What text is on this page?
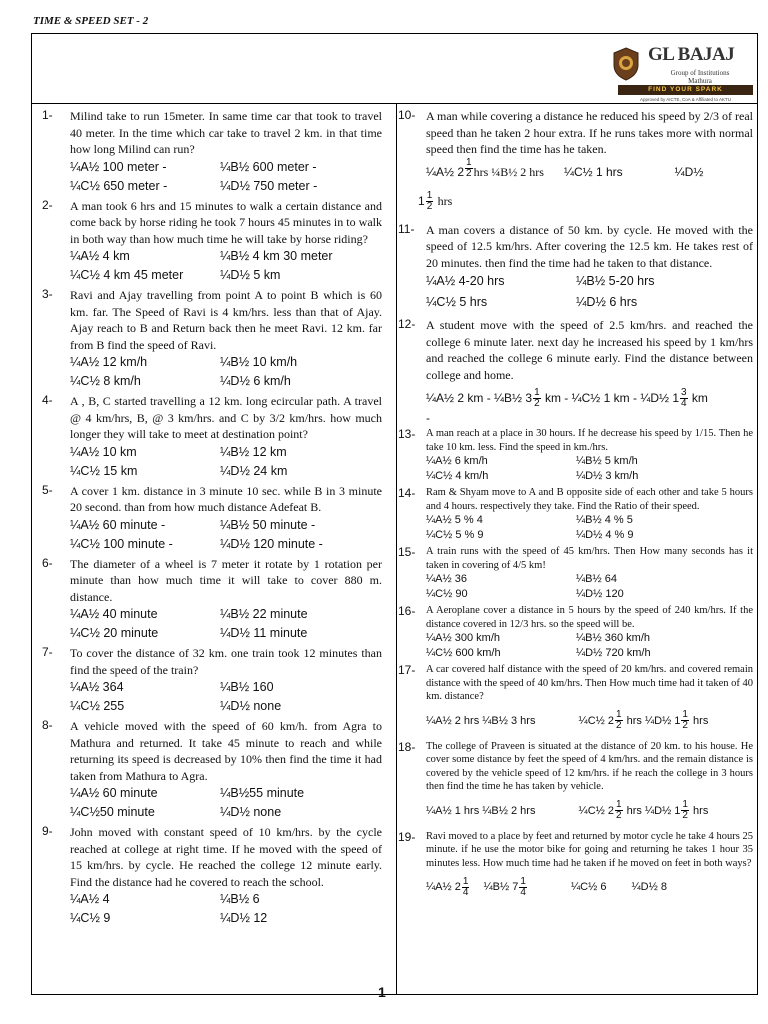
TIME & SPEED SET - 2
GL BAJAJ
Group of Institutions
Mathura
FIND YOUR SPARK
Approved by AICTE, CoA & Affiliated to AKTU
1- Milind take to run 15meter. In same time car that took to travel 40 meter. In the time which car take to travel 2 km. in that time how long Milind can run?
¼A½ 100 meter -	¼B½ 600 meter -
¼C½ 650 meter -	¼D½ 750 meter -
2- A man took 6 hrs and 15 minutes to walk a certain distance and come back by horse riding he took 7 hours 45 minutes in to walk in both way than how much time he will take by horse riding?
¼A½ 4 km	¼B½ 4 km 30 meter
¼C½ 4 km 45 meter	¼D½ 5 km
3- Ravi and Ajay travelling from point A to point B which is 60 km. far. The Speed of Ravi is 4 km/hrs. less than that of Ajay. Ajay reach to B and Return back then he meet Ravi. 12 km. far from B find the speed of Ravi.
¼A½ 12 km/h	¼B½ 10 km/h
¼C½ 8 km/h	¼D½ 6 km/h
4- A , B, C started travelling a 12 km. long ecircular path. A travel @ 4 km/hrs, B, @ 3 km/hrs. and C by 3/2 km/hrs. how much longer they will take to meet at destination point?
¼A½ 10 km	¼B½ 12 km
¼C½ 15 km	¼D½ 24 km
5- A cover 1 km. distance in 3 minute 10 sec. while B in 3 minute 20 second. than from how much distance Adefeat B.
¼A½ 60 minute -	¼B½ 50 minute -
¼C½ 100 minute -	¼D½ 120 minute -
6- The diameter of a wheel is 7 meter it rotate by 1 rotation per minute than how much time it will take to cover 880 m. distance.
¼A½ 40 minute	¼B½ 22 minute
¼C½ 20 minute	¼D½ 11 minute
7- To cover the distance of 32 km. one train took 12 minutes than find the speed of the train?
¼A½ 364	¼B½ 160
¼C½ 255	¼D½ none
8- A vehicle moved with the speed of 60 km/h. from Agra to Mathura and returned. It take 45 minute to reach and while returning its speed is decreased by 10% then find the time it had taken from Mathura to Agra.
¼A½ 60 minute	¼B½55 minute
¼C½50 minute	¼D½ none
9- John moved with constant speed of 10 km/hrs. by the cycle reached at college at right time. If he moved with the speed of 15 km/hrs. by cycle. He reached the college 12 minute early. Find the distance had he covered to reach the school.
¼A½ 4	¼B½ 6
¼C½ 9	¼D½ 12
10- A man while covering a distance he reduced his speed by 2/3 of real speed than he taken 2 hour extra. If he runs takes more with normal speed then find the time has he taken.
¼A½ $2 \frac{1}{2}$ hrs ¼B½ 2 hrs ¼C½ 1 hrs	¼D½
$1 \frac{1}{2}$ hrs
11- A man covers a distance of 50 km. by cycle. He moved with the speed of 12.5 km/hrs. After covering the 12.5 km. He takes rest of 20 minutes. then find the time had he taken to that distance.
¼A½ 4-20 hrs	¼B½ 5-20 hrs
¼C½ 5 hrs	¼D½ 6 hrs
12- A student move with the speed of 2.5 km/hrs. and reached the college 6 minute later. next day he increased his speed by 1 km/hrs and reached the college 6 minute early. Find the distance between college and home.
¼A½ 2 km - ¼B½ $3 \frac{1}{2}$ km - ¼C½ 1 km - ¼D½ $1 \frac{3}{4}$ km
-
13- A man reach at a place in 30 hours. If he decrease his speed by 1/15. Then he take 10 km. less. Find the speed in km./hrs.
¼A½ 6 km/h	¼B½ 5 km/h
¼C½ 4 km/h	¼D½ 3 km/h
14- Ram & Shyam move to A and B opposite side of each other and take 5 hours and 4 hours. respectively they take. Find the Ratio of their speed.
¼A½ 5 % 4	¼B½ 4 % 5
¼C½ 5 % 9	¼D½ 4 % 9
15- A train runs with the speed of 45 km/hrs. Then How many seconds has it taken in covering of 4/5 km!
¼A½ 36	¼B½ 64
¼C½ 90	¼D½ 120
16- A Aeroplane cover a distance in 5 hours by the speed of 240 km/hrs. If the distance covered in 12/3 hrs. so the speed will be.
¼A½ 300 km/h	¼B½ 360 km/h
¼C½ 600 km/h	¼D½ 720 km/h
17- A car covered half distance with the speed of 20 km/hrs. and covered remain distance with the speed of 40 km/hrs. Then How much time had it taken of 40 km. distance?
¼A½ 2 hrs ¼B½ 3 hrs	¼C½ $2 \frac{1}{2}$ hrs ¼D½ $1 \frac{1}{2}$ hrs
18- The college of Praveen is situated at the distance of 20 km. to his house. He cover some distance by feet the speed of 4 km/hrs. and the remain distance is covered by the vehicle speed of 12 km/hrs. if he reach the college in 3 hours then find the time he has taken by vehicle.
¼A½ 1 hrs ¼B½ 2 hrs	¼C½ $2 \frac{1}{2}$ hrs ¼D½ $1 \frac{1}{2}$ hrs
19- Ravi moved to a place by feet and returned by motor cycle he take 4 hours 25 minute. if he use the motor bike for going and returning he takes 1 hour 35 minutes less. How much time had he taken if he moved on feet in both ways?
¼A½ $2 \frac{1}{4}$ ¼B½ $7 \frac{1}{4}$	¼C½ 6 ¼D½ 8
1
